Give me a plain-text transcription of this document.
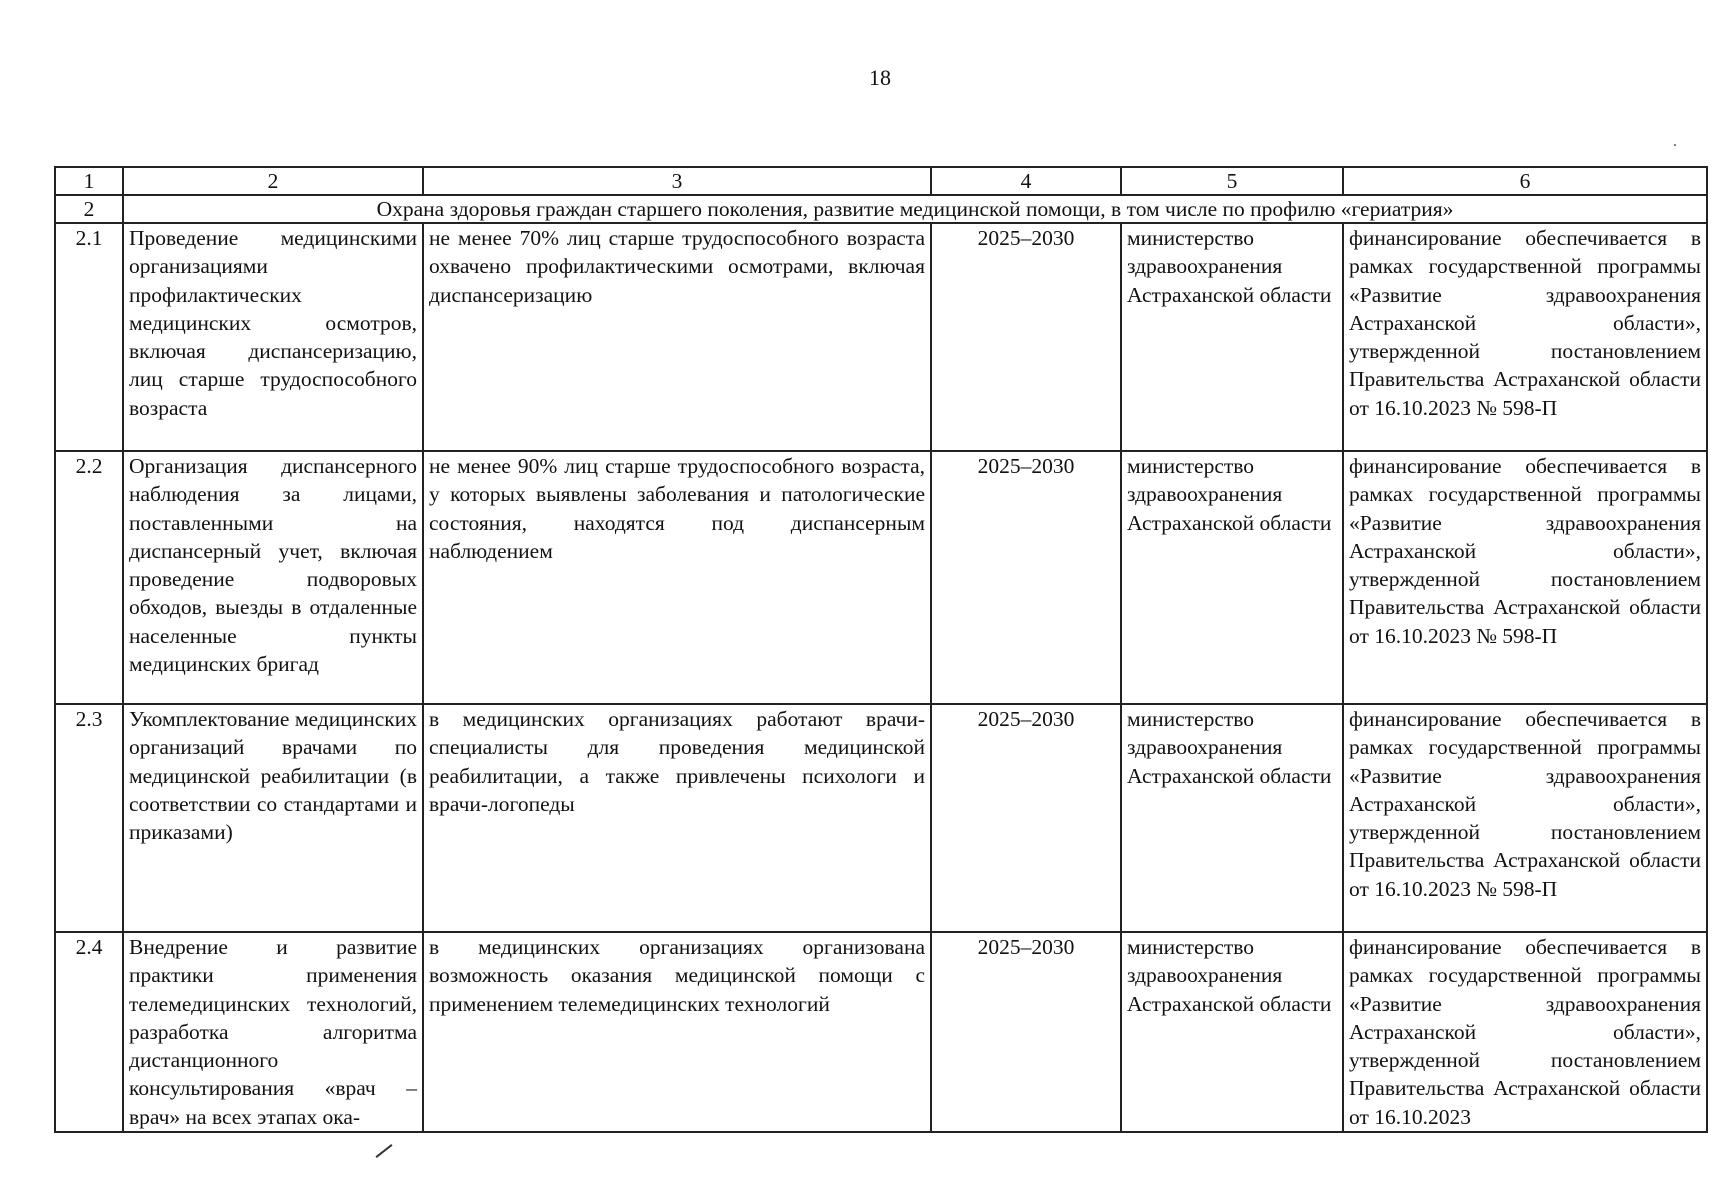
18
1	2	3	4	5	6
2	Охрана здоровья граждан старшего поколения, развитие медицинской помощи, в том числе по профилю «гериатрия»				
2.1	Проведение медицинскими организациями профилактических медицинских осмотров, включая диспансеризацию, лиц старше трудоспособного возраста	не менее 70% лиц старше трудоспособного возраста охвачено профилактическими осмотрами, включая диспансеризацию	2025–2030	министерство здравоохранения Астраханской области	финансирование обеспечивается в рамках государственной программы «Развитие здравоохранения Астраханской области», утвержденной постановлением Правительства Астраханской области от 16.10.2023 № 598-П

2.2	Организация диспансерного наблюдения за лицами, поставленными на диспансерный учет, включая проведение подворовых обходов, выезды в отдаленные населенные пункты медицинских бригад	не менее 90% лиц старше трудоспособного возраста, у которых выявлены заболевания и патологические состояния, находятся под диспансерным наблюдением	2025–2030	министерство здравоохранения Астраханской области	финансирование обеспечивается в рамках государственной программы «Развитие здравоохранения Астраханской области», утвержденной постановлением Правительства Астраханской области от 16.10.2023 № 598-П

2.3	Укомплектование медицинских организаций врачами по медицинской реабилитации (в соответствии со стандартами и приказами)	в медицинских организациях работают врачи-специалисты для проведения медицинской реабилитации, а также привлечены психологи и врачи-логопеды	2025–2030	министерство здравоохранения Астраханской области	финансирование обеспечивается в рамках государственной программы «Развитие здравоохранения Астраханской области», утвержденной постановлением Правительства Астраханской области от 16.10.2023 № 598-П

2.4	Внедрение и развитие практики применения телемедицинских технологий, разработка алгоритма дистанционного консультирования «врач – врач» на всех этапах ока-	в медицинских организациях организована возможность оказания медицинской помощи с применением телемедицинских технологий	2025–2030	министерство здравоохранения Астраханской области	финансирование обеспечивается в рамках государственной программы «Развитие здравоохранения Астраханской области», утвержденной постановлением Правительства Астраханской области от 16.10.2023
